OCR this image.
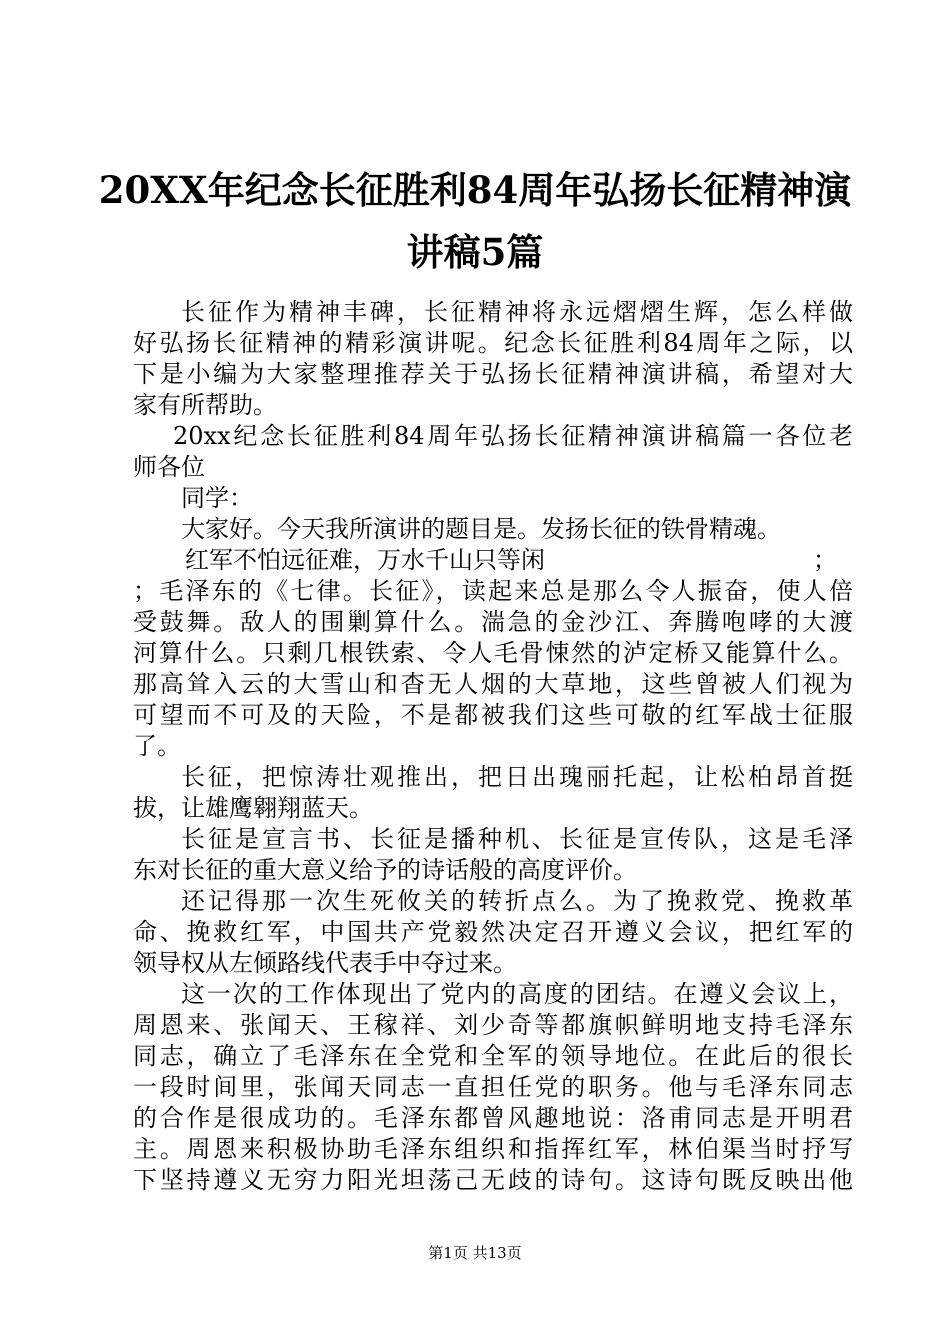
20XX年纪念长征胜利84周年弘扬长征精神演
讲稿5篇
长征作为精神丰碑，长征精神将永远熠熠生辉，怎么样做
好弘扬长征精神的精彩演讲呢。纪念长征胜利84周年之际，以
下是小编为大家整理推荐关于弘扬长征精神演讲稿，希望对大
家有所帮助。
20xx纪念长征胜利84周年弘扬长征精神演讲稿篇一各位老
师各位
同学：
大家好。今天我所演讲的题目是。发扬长征的铁骨精魂。
红军不怕远征难，万水千山只等闲	；
；毛泽东的《七律。长征》，读起来总是那么令人振奋，使人倍
受鼓舞。敌人的围剿算什么。湍急的金沙江、奔腾咆哮的大渡
河算什么。只剩几根铁索、令人毛骨悚然的泸定桥又能算什么。
那高耸入云的大雪山和杳无人烟的大草地，这些曾被人们视为
可望而不可及的天险，不是都被我们这些可敬的红军战士征服
了。
长征，把惊涛壮观推出，把日出瑰丽托起，让松柏昂首挺
拔，让雄鹰翱翔蓝天。
长征是宣言书、长征是播种机、长征是宣传队，这是毛泽
东对长征的重大意义给予的诗话般的高度评价。
还记得那一次生死攸关的转折点么。为了挽救党、挽救革
命、挽救红军，中国共产党毅然决定召开遵义会议，把红军的
领导权从左倾路线代表手中夺过来。
这一次的工作体现出了党内的高度的团结。在遵义会议上，
周恩来、张闻天、王稼祥、刘少奇等都旗帜鲜明地支持毛泽东
同志，确立了毛泽东在全党和全军的领导地位。在此后的很长
一段时间里，张闻天同志一直担任党的职务。他与毛泽东同志
的合作是很成功的。毛泽东都曾风趣地说：洛甫同志是开明君
主。周恩来积极协助毛泽东组织和指挥红军，林伯渠当时抒写
下坚持遵义无穷力阳光坦荡己无歧的诗句。这诗句既反映出他
第1页 共13页
